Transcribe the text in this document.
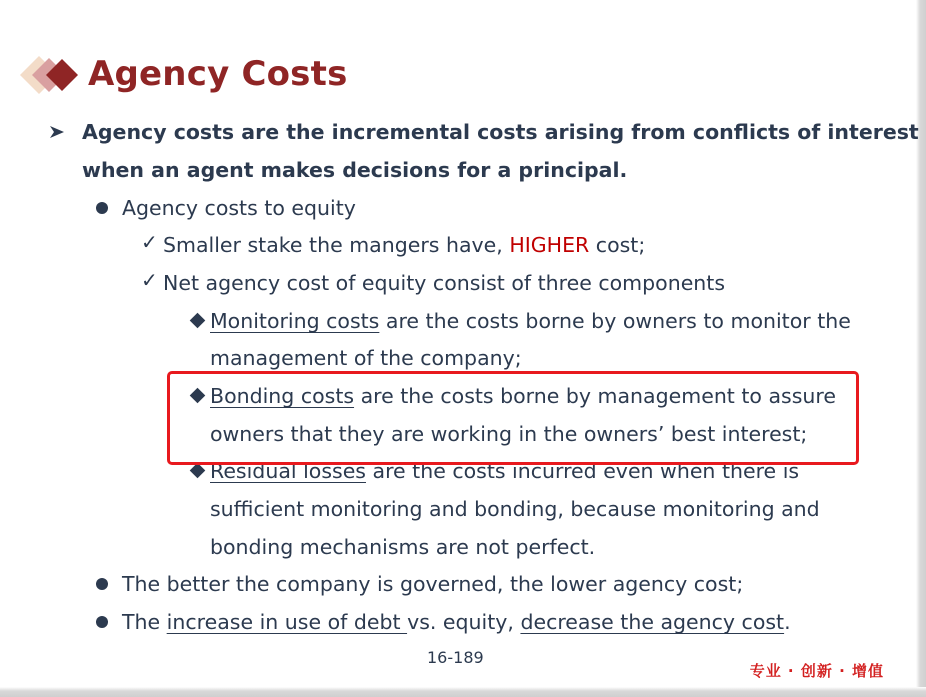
Agency Costs
Agency costs are the incremental costs arising from conflicts of interest
when an agent makes decisions for a principal.
Agency costs to equity
✓ Smaller stake the mangers have, HIGHER cost;
✓ Net agency cost of equity consist of three components
Monitoring costs are the costs borne by owners to monitor the
management of the company;
Bonding costs are the costs borne by management to assure
owners that they are working in the owners’ best interest;
Residual losses are the costs incurred even when there is
sufficient monitoring and bonding, because monitoring and
bonding mechanisms are not perfect.
The better the company is governed, the lower agency cost;
The increase in use of debt vs. equity, decrease the agency cost.
16-189
专业 · 创新 · 增值
